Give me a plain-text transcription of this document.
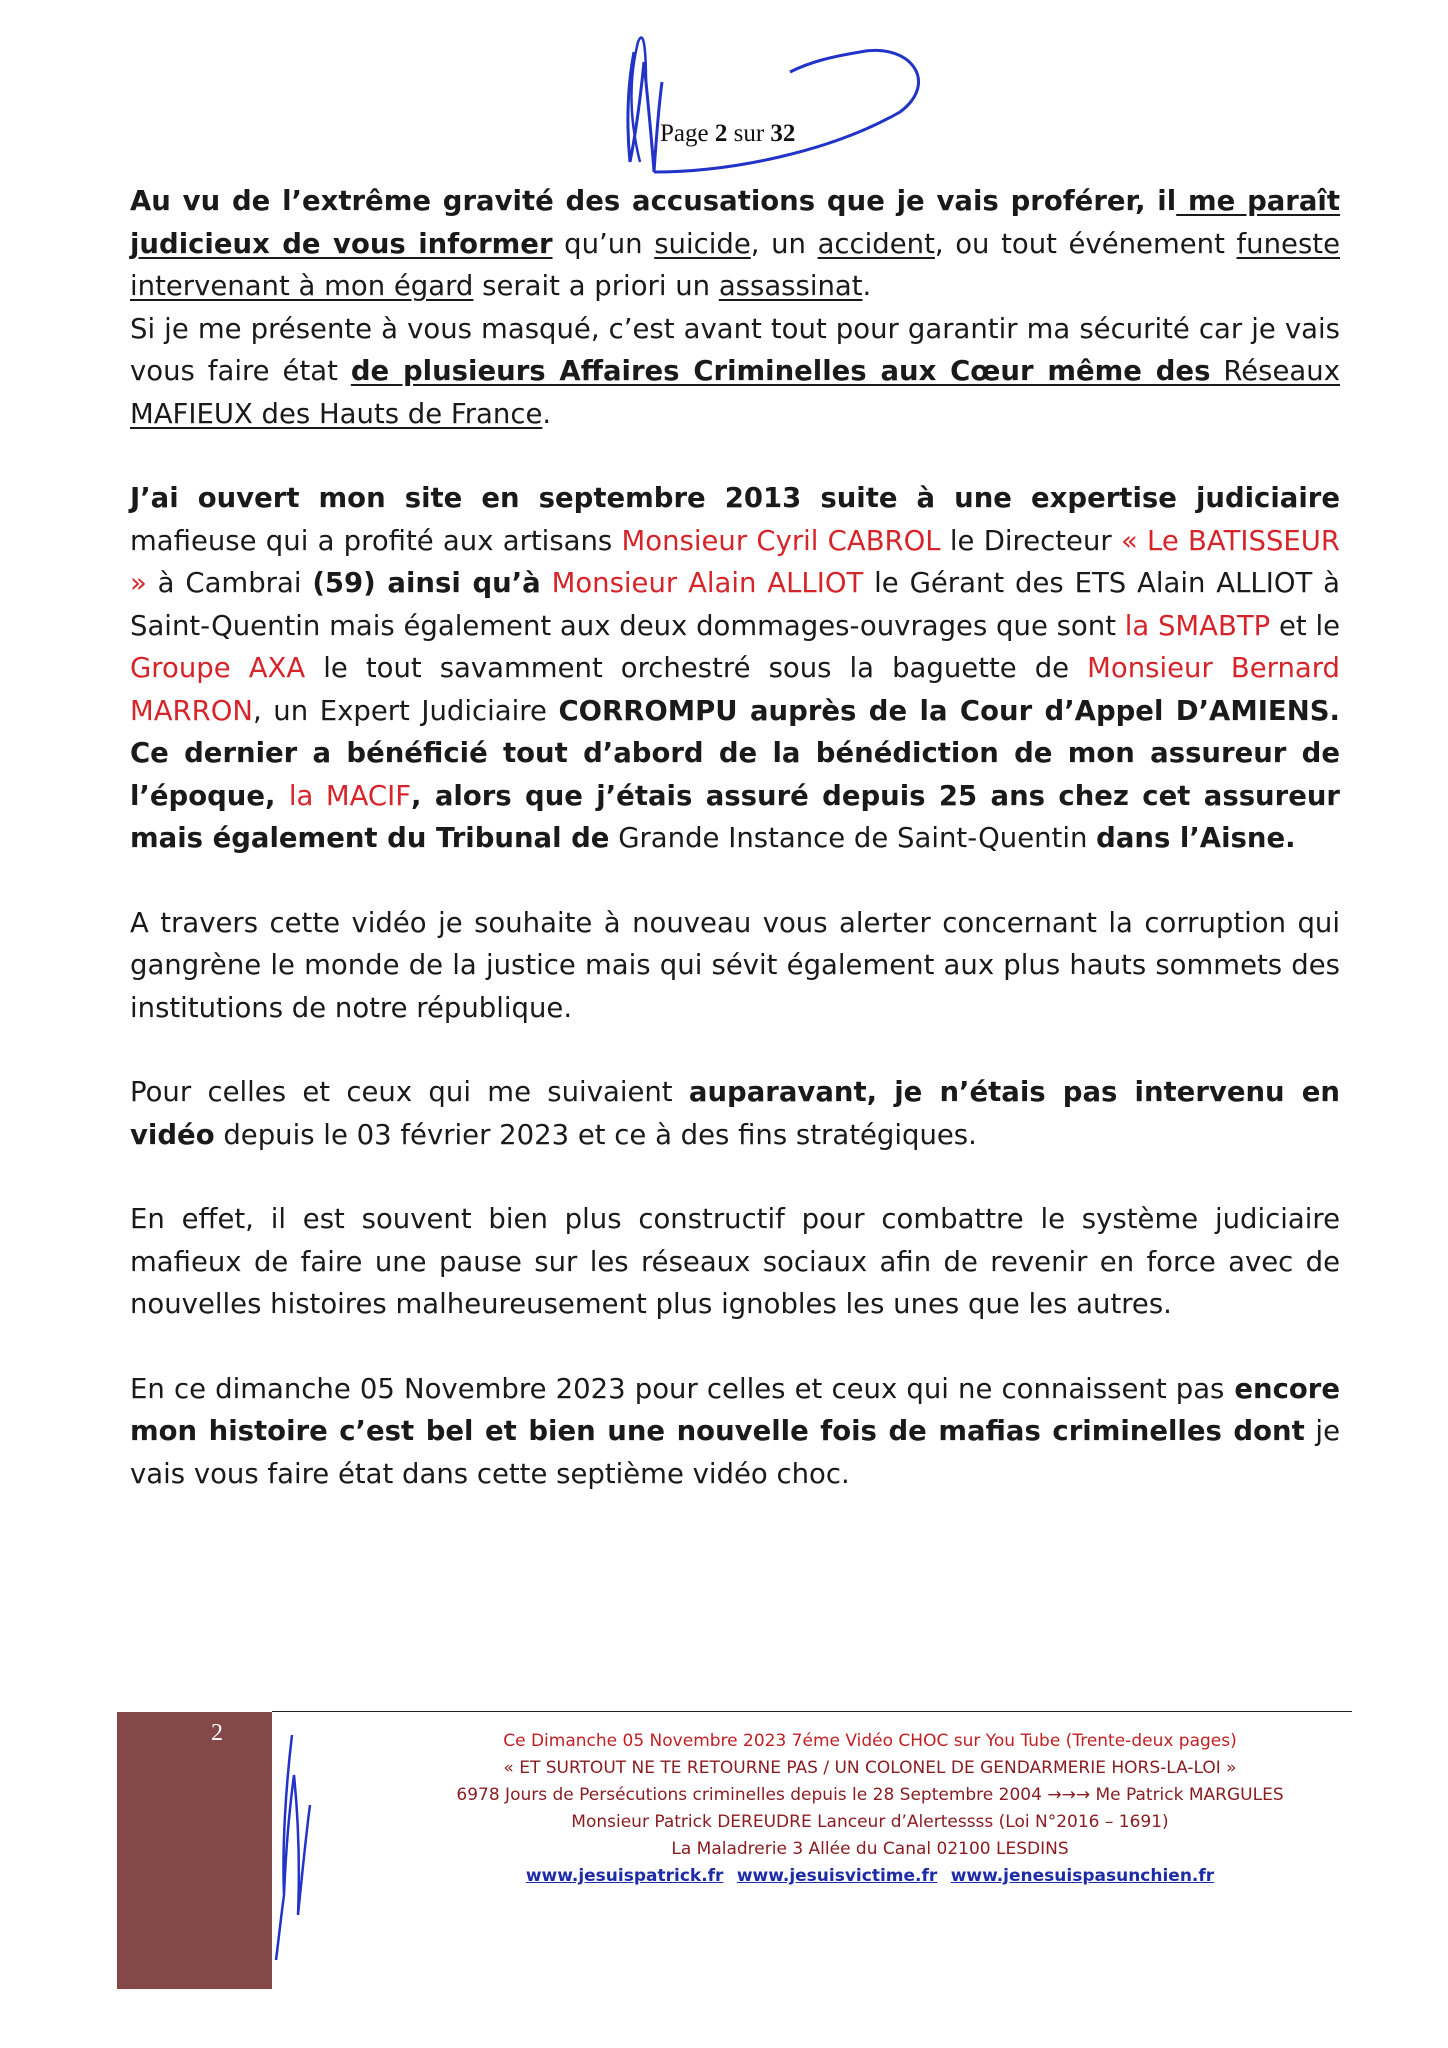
Page 2 sur 32

Au vu de l’extrême gravité des accusations que je vais proférer, il me paraît judicieux de vous informer qu’un suicide, un accident, ou tout événement funeste intervenant à mon égard serait a priori un assassinat.

Si je me présente à vous masqué, c’est avant tout pour garantir ma sécurité car je vais vous faire état de plusieurs Affaires Criminelles aux Cœur même des Réseaux MAFIEUX des Hauts de France.

J’ai ouvert mon site en septembre 2013 suite à une expertise judiciaire mafieuse qui a profité aux artisans Monsieur Cyril CABROL le Directeur « Le BATISSEUR » à Cambrai (59) ainsi qu’à Monsieur Alain ALLIOT le Gérant des ETS Alain ALLIOT à Saint-Quentin mais également aux deux dommages-ouvrages que sont la SMABTP et le Groupe AXA le tout savamment orchestré sous la baguette de Monsieur Bernard MARRON, un Expert Judiciaire CORROMPU auprès de la Cour d’Appel D’AMIENS. Ce dernier a bénéficié tout d’abord de la bénédiction de mon assureur de l’époque, la MACIF, alors que j’étais assuré depuis 25 ans chez cet assureur mais également du Tribunal de Grande Instance de Saint-Quentin dans l’Aisne.

A travers cette vidéo je souhaite à nouveau vous alerter concernant la corruption qui gangrène le monde de la justice mais qui sévit également aux plus hauts sommets des institutions de notre république.

Pour celles et ceux qui me suivaient auparavant, je n’étais pas intervenu en vidéo depuis le 03 février 2023 et ce à des fins stratégiques.

En effet, il est souvent bien plus constructif pour combattre le système judiciaire mafieux de faire une pause sur les réseaux sociaux afin de revenir en force avec de nouvelles histoires malheureusement plus ignobles les unes que les autres.

En ce dimanche 05 Novembre 2023 pour celles et ceux qui ne connaissent pas encore mon histoire c’est bel et bien une nouvelle fois de mafias criminelles dont je vais vous faire état dans cette septième vidéo choc.

2	Ce Dimanche 05 Novembre 2023 7éme Vidéo CHOC sur You Tube (Trente-deux pages)
« ET SURTOUT NE TE RETOURNE PAS / UN COLONEL DE GENDARMERIE HORS-LA-LOI »
6978 Jours de Persécutions criminelles depuis le 28 Septembre 2004 →→→ Me Patrick MARGULES
Monsieur Patrick DEREUDRE Lanceur d’Alertessss (Loi N°2016 – 1691)
La Maladrerie 3 Allée du Canal 02100 LESDINS
www.jesuispatrick.fr www.jesuisvictime.fr www.jenesuispasunchien.fr
